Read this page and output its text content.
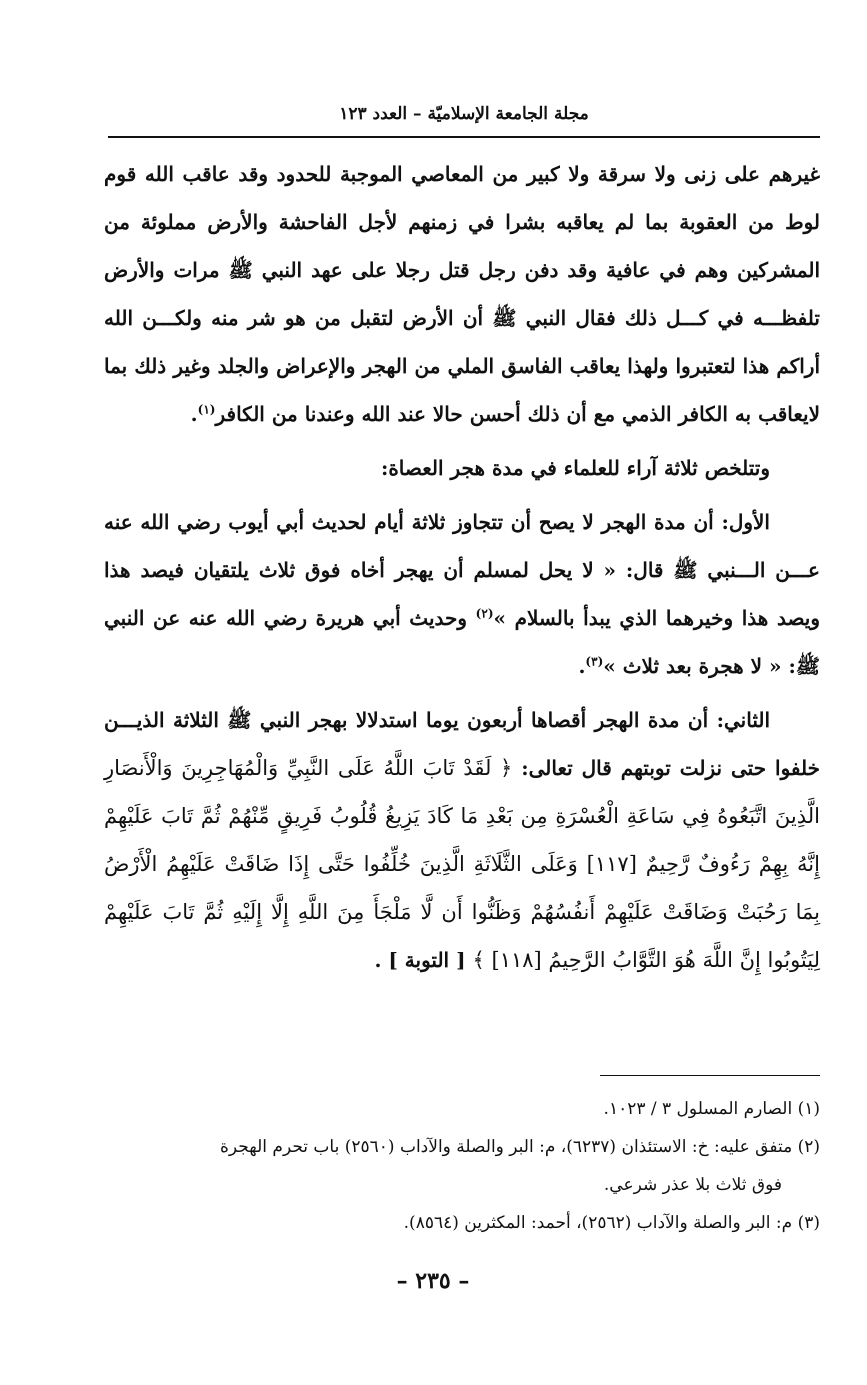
مجلة الجامعة الإسلاميّة – العدد ١٢٣

غيرهم على زنى ولا سرقة ولا كبير من المعاصي الموجبة للحدود وقد عاقب الله قوم لوط من العقوبة بما لم يعاقبه بشرا في زمنهم لأجل الفاحشة والأرض مملوئة من المشركين وهم في عافية وقد دفن رجل قتل رجلا على عهد النبي ﷺ مرات والأرض تلفظـــه في كـــل ذلك فقال النبي ﷺ أن الأرض لتقبل من هو شر منه ولكـــن الله أراكم هذا لتعتبروا ولهذا يعاقب الفاسق الملي من الهجر والإعراض والجلد وغير ذلك بما لايعاقب به الكافر الذمي مع أن ذلك أحسن حالا عند الله وعندنا من الكافر$^{(١)}$.

وتتلخص ثلاثة آراء للعلماء في مدة هجر العصاة:

الأول: أن مدة الهجر لا يصح أن تتجاوز ثلاثة أيام لحديث أبي أيوب رضي الله عنه عـــن الـــنبي ﷺ قال: « لا يحل لمسلم أن يهجر أخاه فوق ثلاث يلتقيان فيصد هذا ويصد هذا وخيرهما الذي يبدأ بالسلام »$^{(٢)}$ وحديث أبي هريرة رضي الله عنه عن النبي ﷺ: « لا هجرة بعد ثلاث »$^{(٣)}$.

الثاني: أن مدة الهجر أقصاها أربعون يوما استدلالا بهجر النبي ﷺ الثلاثة الذيـــن خلفوا حتى نزلت توبتهم قال تعالى: ﴿ لَقَدْ تَابَ اللَّهُ عَلَى النَّبِيِّ وَالْمُهَاجِرِينَ وَالْأَنصَارِ الَّذِينَ اتَّبَعُوهُ فِي سَاعَةِ الْعُسْرَةِ مِن بَعْدِ مَا كَادَ يَزِيغُ قُلُوبُ فَرِيقٍ مِّنْهُمْ ثُمَّ تَابَ عَلَيْهِمْ إِنَّهُ بِهِمْ رَءُوفٌ رَّحِيمٌ [١١٧] وَعَلَى الثَّلَاثَةِ الَّذِينَ خُلِّفُوا حَتَّى إِذَا ضَاقَتْ عَلَيْهِمُ الْأَرْضُ بِمَا رَحُبَتْ وَضَاقَتْ عَلَيْهِمْ أَنفُسُهُمْ وَظَنُّوا أَن لَّا مَلْجَأَ مِنَ اللَّهِ إِلَّا إِلَيْهِ ثُمَّ تَابَ عَلَيْهِمْ لِيَتُوبُوا إِنَّ اللَّهَ هُوَ التَّوَّابُ الرَّحِيمُ [١١٨] ﴾ [ التوبة ] .

(١) الصارم المسلول ٣ / ١٠٢٣.

(٢) متفق عليه: خ: الاستئذان (٦٢٣٧)، م: البر والصلة والآداب (٢٥٦٠) باب تحرم الهجرة

فوق ثلاث بلا عذر شرعي.

(٣) م: البر والصلة والآداب (٢٥٦٢)، أحمد: المكثرين (٨٥٦٤).

– ٢٣٥ –
